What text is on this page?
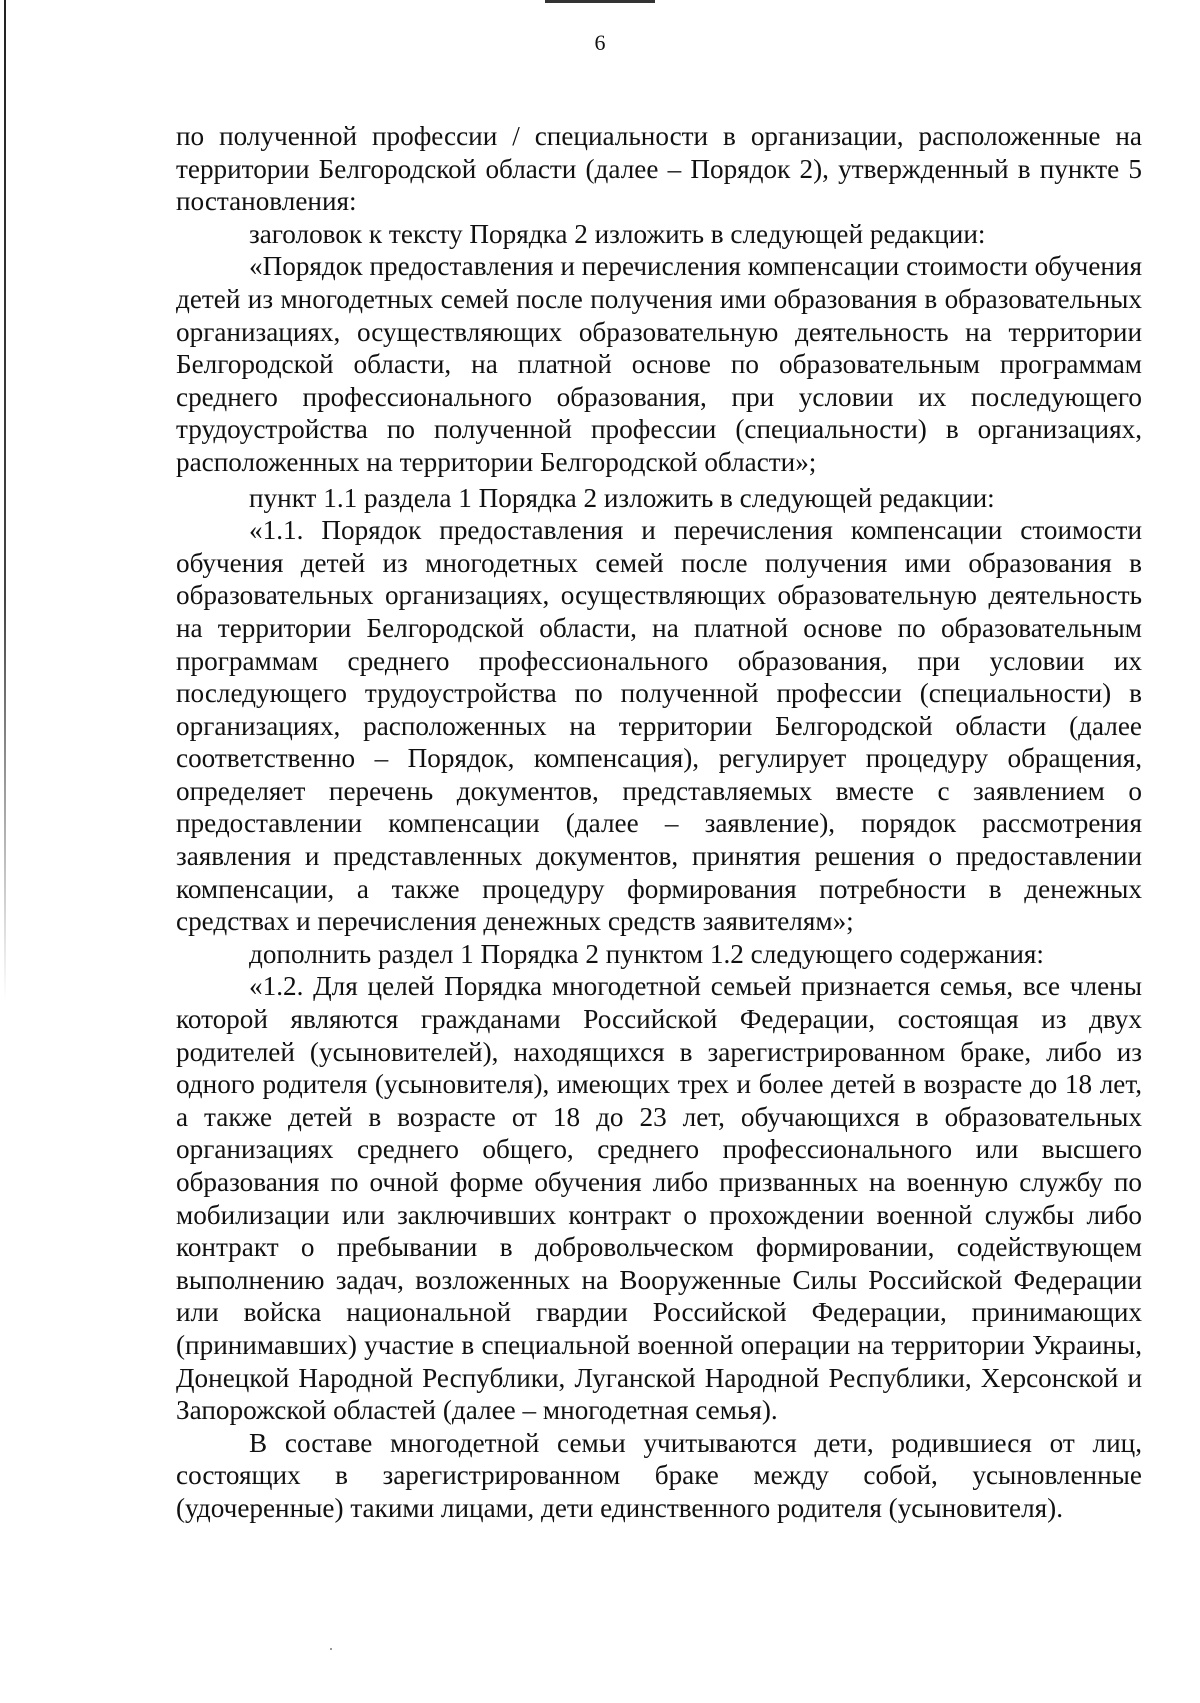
6

по полученной профессии / специальности в организации, расположенные на территории Белгородской области (далее – Порядок 2), утвержденный в пункте 5 постановления:

заголовок к тексту Порядка 2 изложить в следующей редакции:

«Порядок предоставления и перечисления компенсации стоимости обучения детей из многодетных семей после получения ими образования в образовательных организациях, осуществляющих образовательную деятельность на территории Белгородской области, на платной основе по образовательным программам среднего профессионального образования, при условии их последующего трудоустройства по полученной профессии (специальности) в организациях, расположенных на территории Белгородской области»;

пункт 1.1 раздела 1 Порядка 2 изложить в следующей редакции:

«1.1. Порядок предоставления и перечисления компенсации стоимости обучения детей из многодетных семей после получения ими образования в образовательных организациях, осуществляющих образовательную деятельность на территории Белгородской области, на платной основе по образовательным программам среднего профессионального образования, при условии их последующего трудоустройства по полученной профессии (специальности) в организациях, расположенных на территории Белгородской области (далее соответственно – Порядок, компенсация), регулирует процедуру обращения, определяет перечень документов, представляемых вместе с заявлением о предоставлении компенсации (далее – заявление), порядок рассмотрения заявления и представленных документов, принятия решения о предоставлении компенсации, а также процедуру формирования потребности в денежных средствах и перечисления денежных средств заявителям»;

дополнить раздел 1 Порядка 2 пунктом 1.2 следующего содержания:

«1.2. Для целей Порядка многодетной семьей признается семья, все члены которой являются гражданами Российской Федерации, состоящая из двух родителей (усыновителей), находящихся в зарегистрированном браке, либо из одного родителя (усыновителя), имеющих трех и более детей в возрасте до 18 лет, а также детей в возрасте от 18 до 23 лет, обучающихся в образовательных организациях среднего общего, среднего профессионального или высшего образования по очной форме обучения либо призванных на военную службу по мобилизации или заключивших контракт о прохождении военной службы либо контракт о пребывании в добровольческом формировании, содействующем выполнению задач, возложенных на Вооруженные Силы Российской Федерации или войска национальной гвардии Российской Федерации, принимающих (принимавших) участие в специальной военной операции на территории Украины, Донецкой Народной Республики, Луганской Народной Республики, Херсонской и Запорожской областей (далее – многодетная семья).

В составе многодетной семьи учитываются дети, родившиеся от лиц, состоящих в зарегистрированном браке между собой, усыновленные (удочеренные) такими лицами, дети единственного родителя (усыновителя).
